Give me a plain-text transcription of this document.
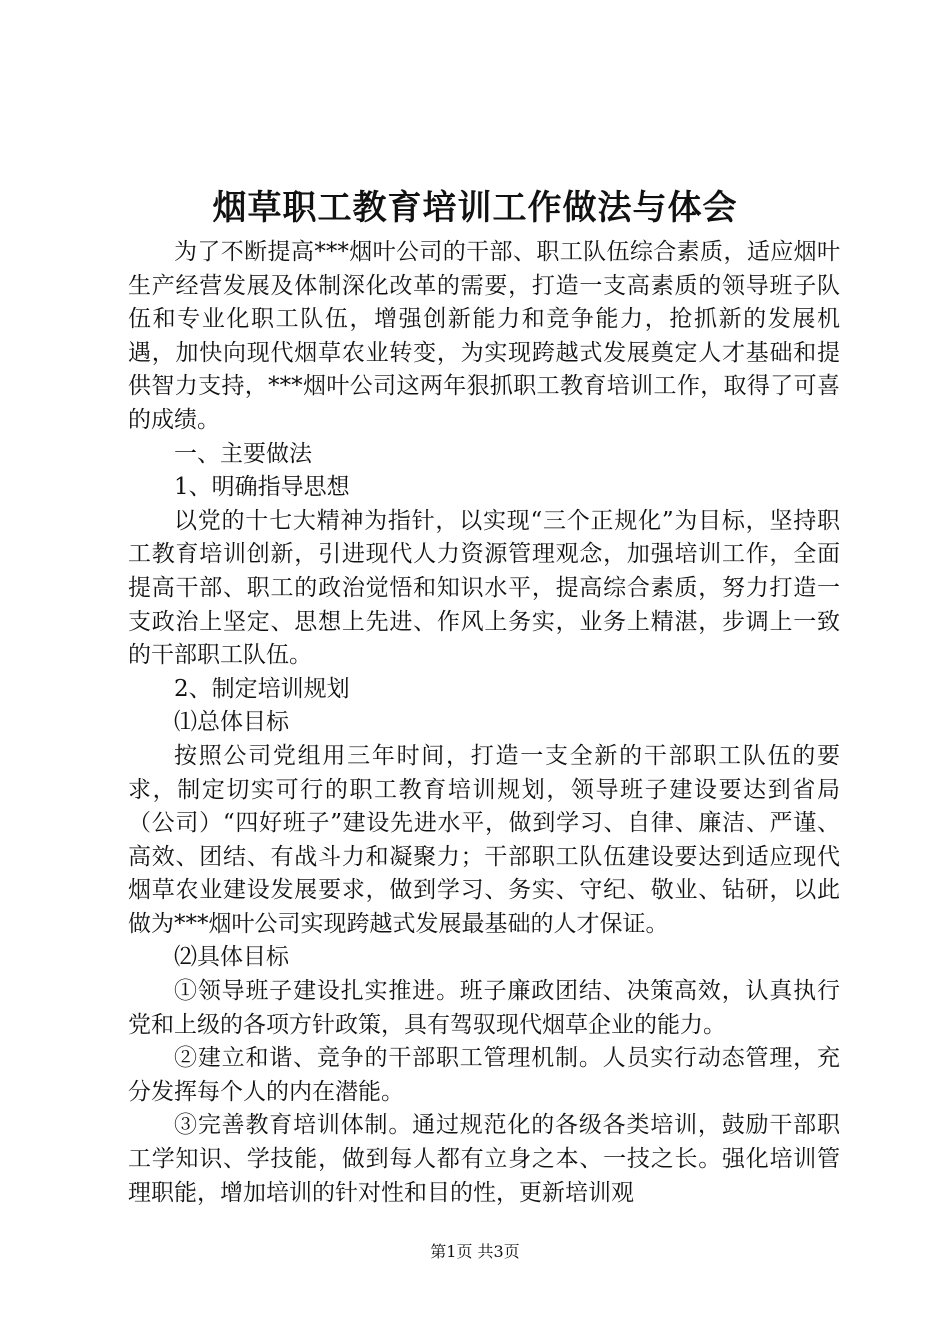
烟草职工教育培训工作做法与体会

为了不断提高***烟叶公司的干部、职工队伍综合素质，适应烟叶生产经营发展及体制深化改革的需要，打造一支高素质的领导班子队伍和专业化职工队伍，增强创新能力和竞争能力，抢抓新的发展机遇，加快向现代烟草农业转变，为实现跨越式发展奠定人才基础和提供智力支持，***烟叶公司这两年狠抓职工教育培训工作，取得了可喜的成绩。

一、主要做法

1、明确指导思想

以党的十七大精神为指针，以实现“三个正规化”为目标，坚持职工教育培训创新，引进现代人力资源管理观念，加强培训工作，全面提高干部、职工的政治觉悟和知识水平，提高综合素质，努力打造一支政治上坚定、思想上先进、作风上务实，业务上精湛，步调上一致的干部职工队伍。

2、制定培训规划

⑴总体目标

按照公司党组用三年时间，打造一支全新的干部职工队伍的要求，制定切实可行的职工教育培训规划，领导班子建设要达到省局（公司）“四好班子”建设先进水平，做到学习、自律、廉洁、严谨、高效、团结、有战斗力和凝聚力；干部职工队伍建设要达到适应现代烟草农业建设发展要求，做到学习、务实、守纪、敬业、钻研，以此做为***烟叶公司实现跨越式发展最基础的人才保证。

⑵具体目标

①领导班子建设扎实推进。班子廉政团结、决策高效，认真执行党和上级的各项方针政策，具有驾驭现代烟草企业的能力。

②建立和谐、竞争的干部职工管理机制。人员实行动态管理，充分发挥每个人的内在潜能。

③完善教育培训体制。通过规范化的各级各类培训，鼓励干部职工学知识、学技能，做到每人都有立身之本、一技之长。强化培训管理职能，增加培训的针对性和目的性，更新培训观

第1页 共3页
